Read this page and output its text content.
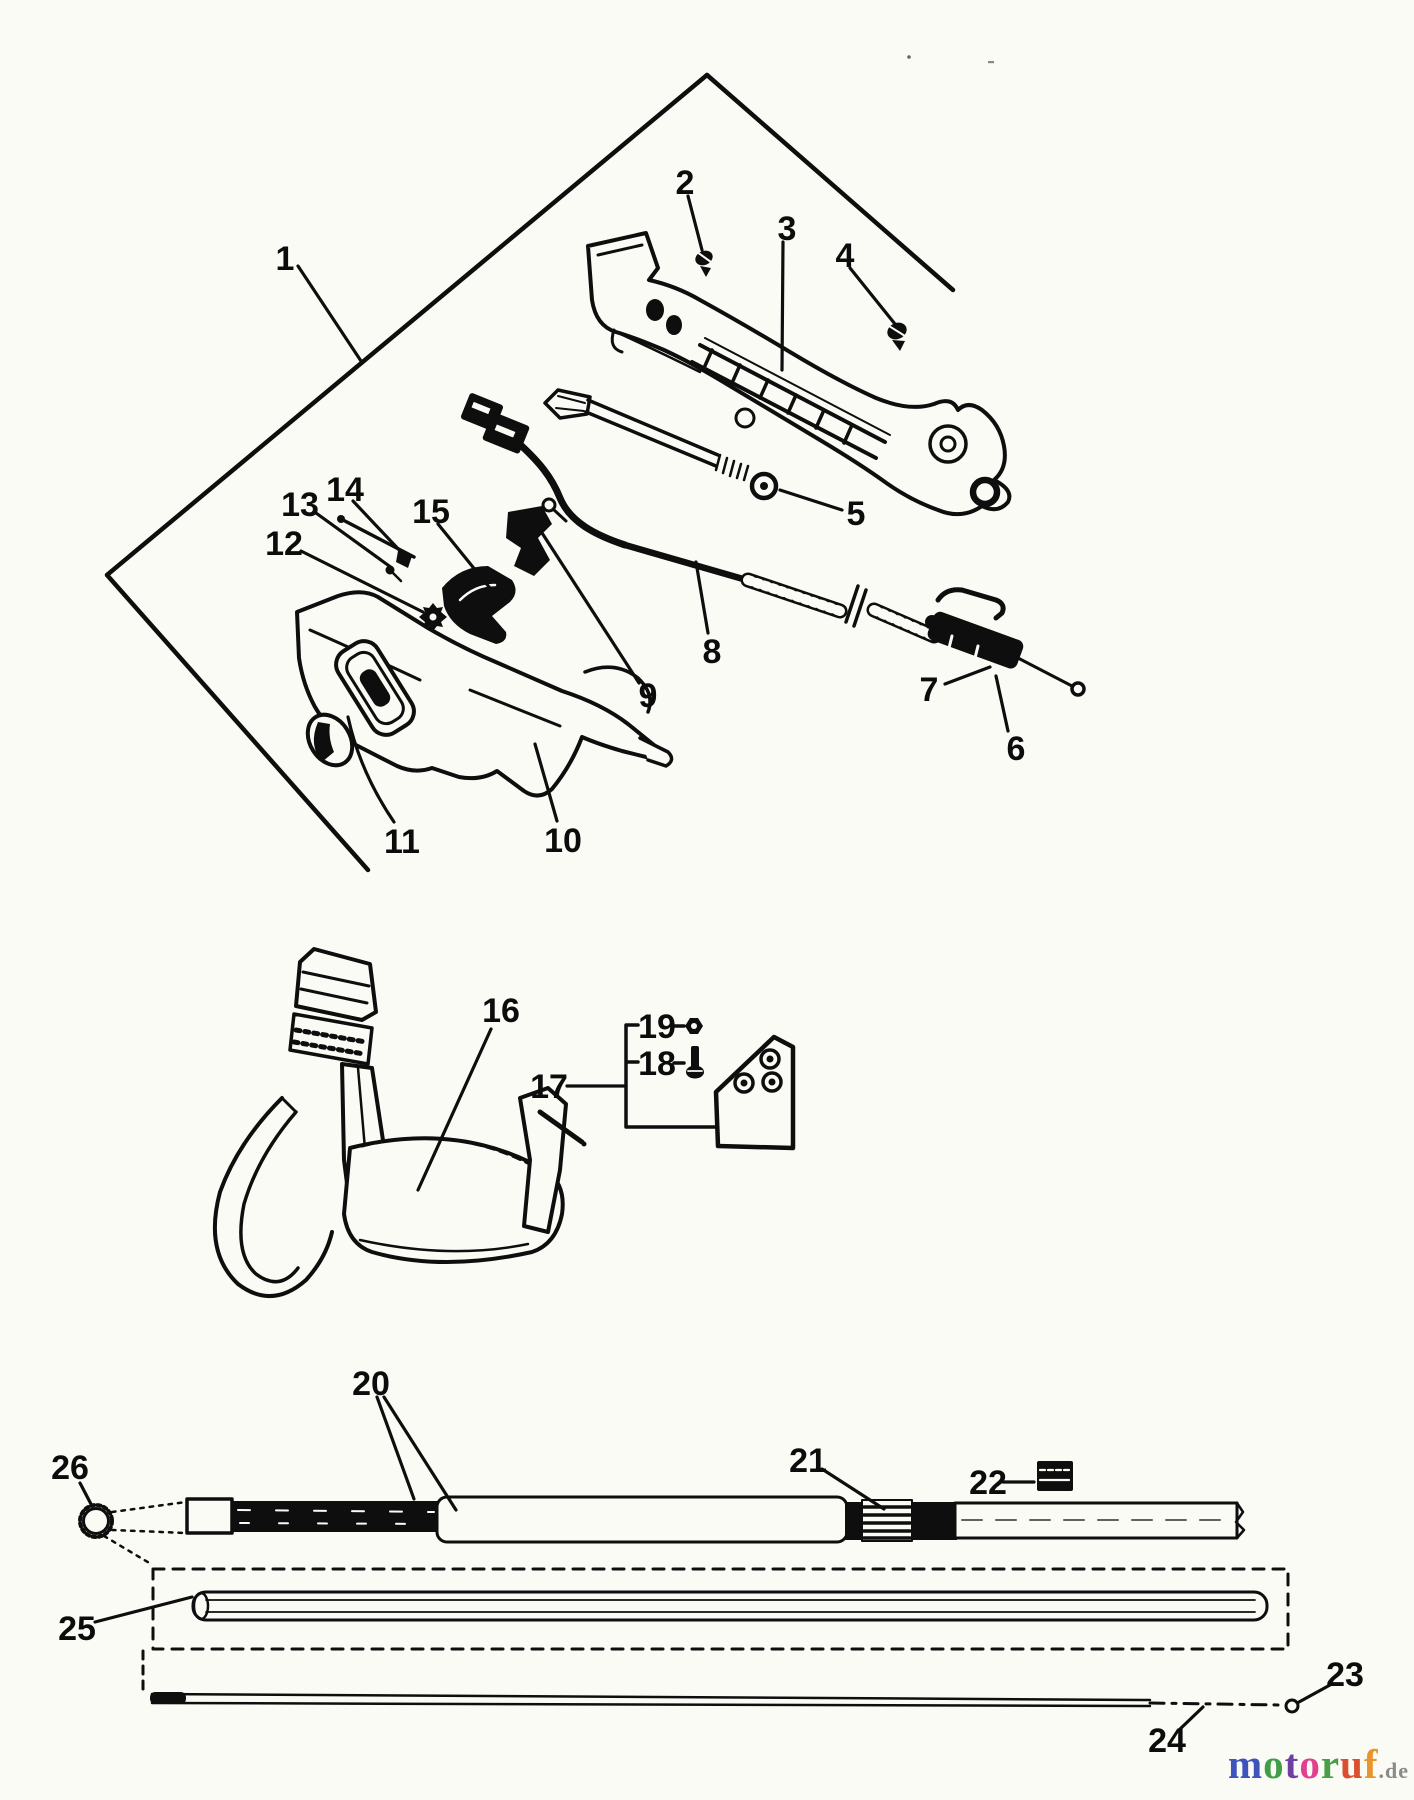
1
2
3
4
5
6
7
8
9
10
11
12
13 14
15
16
17
18
19
20
21
22
23
24
25
26
motoruf.de
